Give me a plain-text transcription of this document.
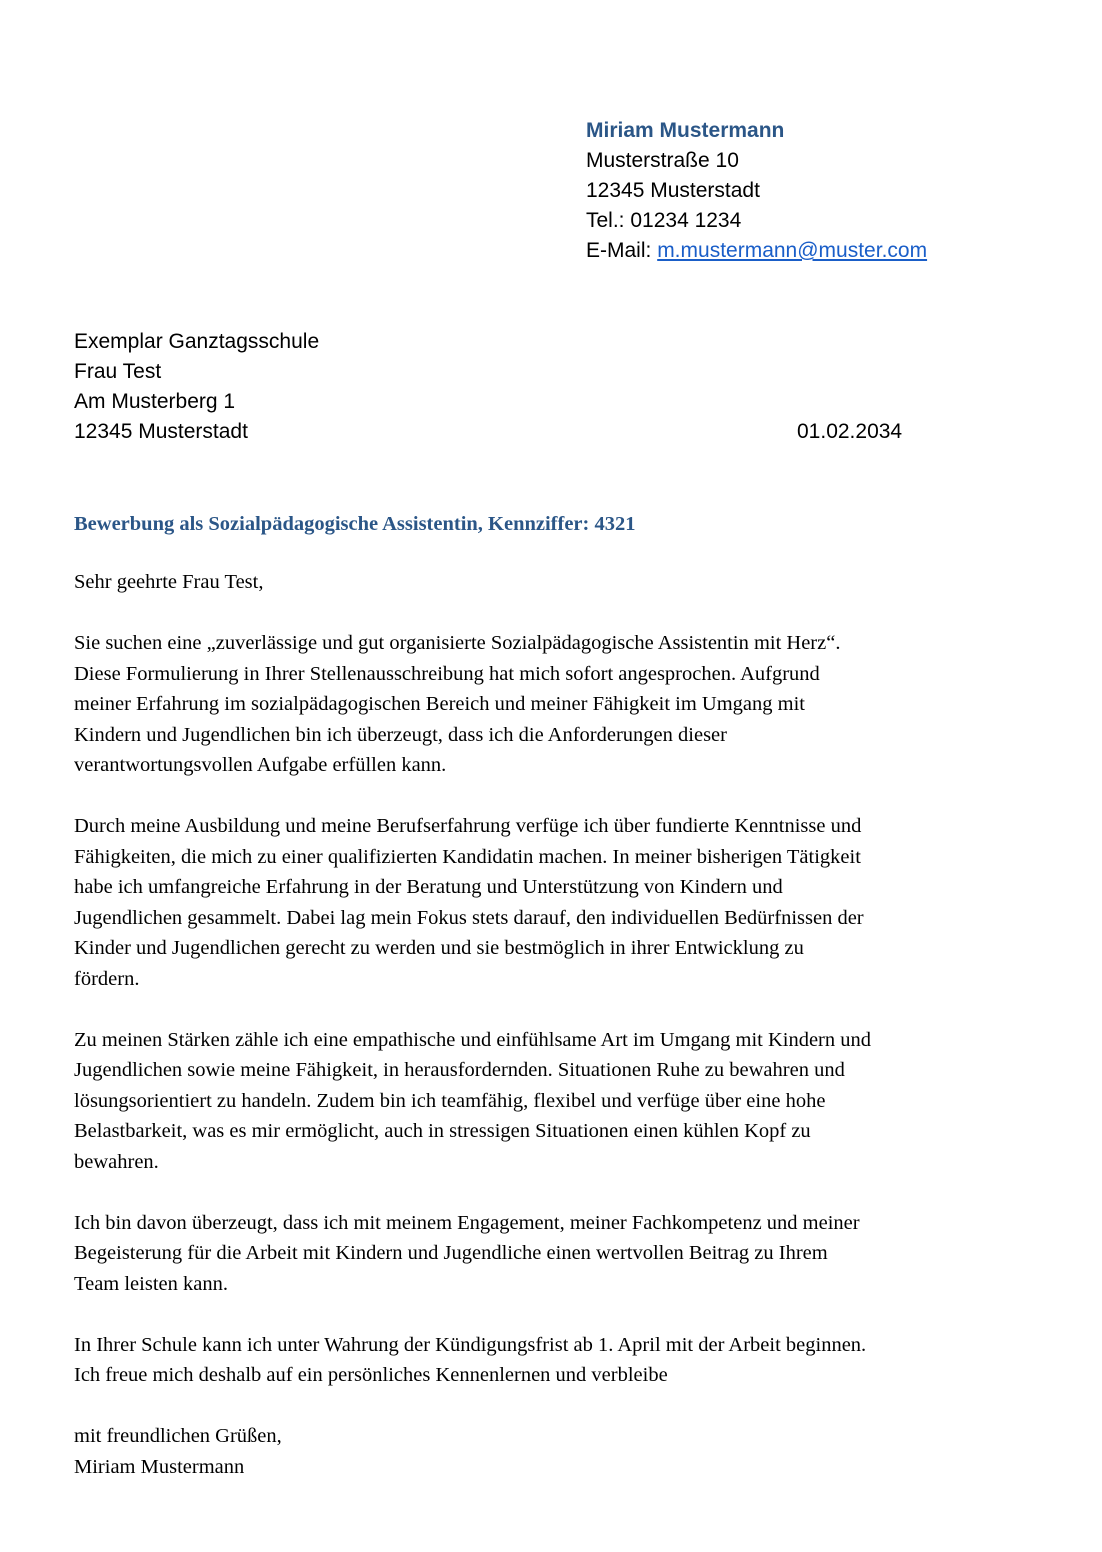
Miriam Mustermann
Musterstraße 10
12345 Musterstadt
Tel.: 01234 1234
E-Mail: m.mustermann@muster.com
Exemplar Ganztagsschule
Frau Test
Am Musterberg 1
12345 Musterstadt	01.02.2034
Bewerbung als Sozialpädagogische Assistentin, Kennziffer: 4321

Sehr geehrte Frau Test,

Sie suchen eine „zuverlässige und gut organisierte Sozialpädagogische Assistentin mit Herz“.
Diese Formulierung in Ihrer Stellenausschreibung hat mich sofort angesprochen. Aufgrund
meiner Erfahrung im sozialpädagogischen Bereich und meiner Fähigkeit im Umgang mit
Kindern und Jugendlichen bin ich überzeugt, dass ich die Anforderungen dieser
verantwortungsvollen Aufgabe erfüllen kann.

Durch meine Ausbildung und meine Berufserfahrung verfüge ich über fundierte Kenntnisse und
Fähigkeiten, die mich zu einer qualifizierten Kandidatin machen. In meiner bisherigen Tätigkeit
habe ich umfangreiche Erfahrung in der Beratung und Unterstützung von Kindern und
Jugendlichen gesammelt. Dabei lag mein Fokus stets darauf, den individuellen Bedürfnissen der
Kinder und Jugendlichen gerecht zu werden und sie bestmöglich in ihrer Entwicklung zu
fördern.

Zu meinen Stärken zähle ich eine empathische und einfühlsame Art im Umgang mit Kindern und
Jugendlichen sowie meine Fähigkeit, in herausfordernden. Situationen Ruhe zu bewahren und
lösungsorientiert zu handeln. Zudem bin ich teamfähig, flexibel und verfüge über eine hohe
Belastbarkeit, was es mir ermöglicht, auch in stressigen Situationen einen kühlen Kopf zu
bewahren.

Ich bin davon überzeugt, dass ich mit meinem Engagement, meiner Fachkompetenz und meiner
Begeisterung für die Arbeit mit Kindern und Jugendliche einen wertvollen Beitrag zu Ihrem
Team leisten kann.

In Ihrer Schule kann ich unter Wahrung der Kündigungsfrist ab 1. April mit der Arbeit beginnen.
Ich freue mich deshalb auf ein persönliches Kennenlernen und verbleibe

mit freundlichen Grüßen,
Miriam Mustermann
